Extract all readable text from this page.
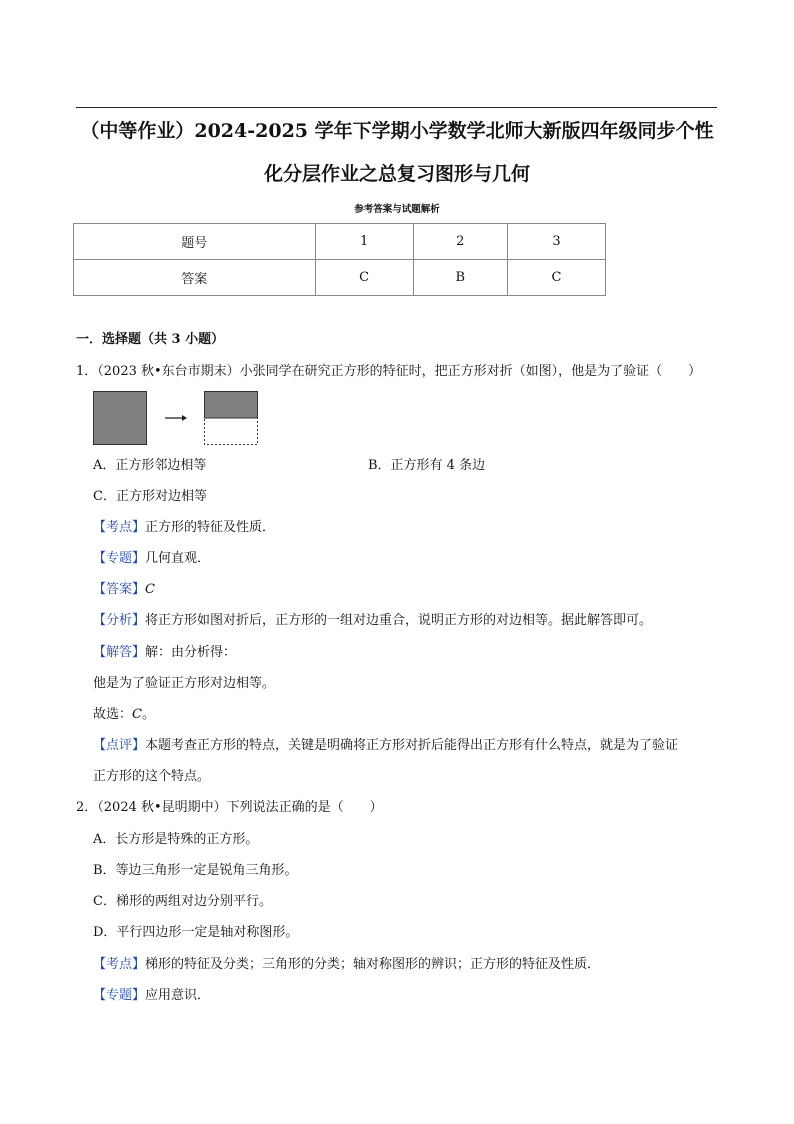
（中等作业）2024-2025 学年下学期小学数学北师大新版四年级同步个性
化分层作业之总复习图形与几何
参考答案与试题解析
题号	1	2	3
答案	C	B	C
一．选择题（共 3 小题）
1．（2023 秋•东台市期末）小张同学在研究正方形的特征时，把正方形对折（如图），他是为了验证（　　）
A．正方形邻边相等	B．正方形有 4 条边
C．正方形对边相等
【考点】正方形的特征及性质．
【专题】几何直观．
【答案】C
【分析】将正方形如图对折后，正方形的一组对边重合，说明正方形的对边相等。据此解答即可。
【解答】解：由分析得：
他是为了验证正方形对边相等。
故选：C。
【点评】本题考查正方形的特点，关键是明确将正方形对折后能得出正方形有什么特点，就是为了验证
正方形的这个特点。
2．（2024 秋•昆明期中）下列说法正确的是（　　）
A．长方形是特殊的正方形。
B．等边三角形一定是锐角三角形。
C．梯形的两组对边分别平行。
D．平行四边形一定是轴对称图形。
【考点】梯形的特征及分类；三角形的分类；轴对称图形的辨识；正方形的特征及性质．
【专题】应用意识．
